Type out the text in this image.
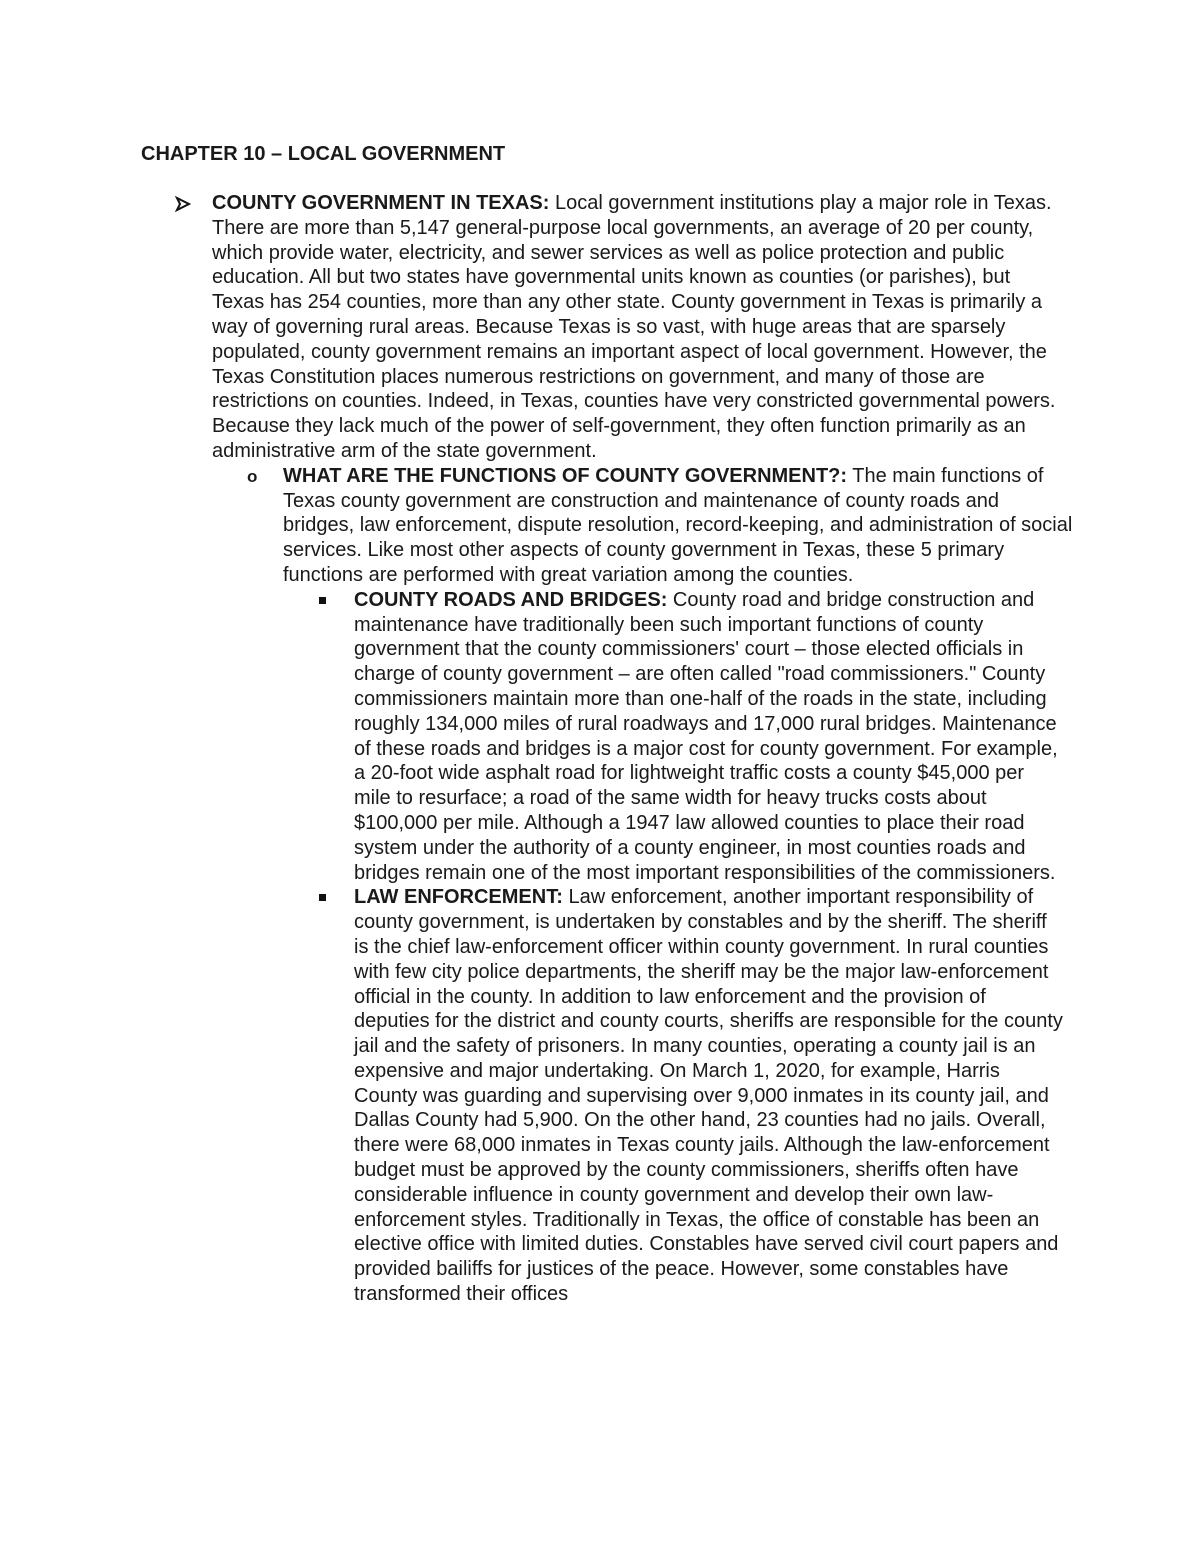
CHAPTER 10 – LOCAL GOVERNMENT

COUNTY GOVERNMENT IN TEXAS: Local government institutions play a major role in Texas. There are more than 5,147 general-purpose local governments, an average of 20 per county, which provide water, electricity, and sewer services as well as police protection and public education. All but two states have governmental units known as counties (or parishes), but Texas has 254 counties, more than any other state. County government in Texas is primarily a way of governing rural areas. Because Texas is so vast, with huge areas that are sparsely populated, county government remains an important aspect of local government. However, the Texas Constitution places numerous restrictions on government, and many of those are restrictions on counties. Indeed, in Texas, counties have very constricted governmental powers. Because they lack much of the power of self-government, they often function primarily as an administrative arm of the state government.

o WHAT ARE THE FUNCTIONS OF COUNTY GOVERNMENT?: The main functions of Texas county government are construction and maintenance of county roads and bridges, law enforcement, dispute resolution, record-keeping, and administration of social services. Like most other aspects of county government in Texas, these 5 primary functions are performed with great variation among the counties.

COUNTY ROADS AND BRIDGES: County road and bridge construction and maintenance have traditionally been such important functions of county government that the county commissioners' court – those elected officials in charge of county government – are often called "road commissioners." County commissioners maintain more than one-half of the roads in the state, including roughly 134,000 miles of rural roadways and 17,000 rural bridges. Maintenance of these roads and bridges is a major cost for county government. For example, a 20-foot wide asphalt road for lightweight traffic costs a county $45,000 per mile to resurface; a road of the same width for heavy trucks costs about $100,000 per mile. Although a 1947 law allowed counties to place their road system under the authority of a county engineer, in most counties roads and bridges remain one of the most important responsibilities of the commissioners.

LAW ENFORCEMENT: Law enforcement, another important responsibility of county government, is undertaken by constables and by the sheriff. The sheriff is the chief law-enforcement officer within county government. In rural counties with few city police departments, the sheriff may be the major law-enforcement official in the county. In addition to law enforcement and the provision of deputies for the district and county courts, sheriffs are responsible for the county jail and the safety of prisoners. In many counties, operating a county jail is an expensive and major undertaking. On March 1, 2020, for example, Harris County was guarding and supervising over 9,000 inmates in its county jail, and Dallas County had 5,900. On the other hand, 23 counties had no jails. Overall, there were 68,000 inmates in Texas county jails. Although the law-enforcement budget must be approved by the county commissioners, sheriffs often have considerable influence in county government and develop their own law-enforcement styles. Traditionally in Texas, the office of constable has been an elective office with limited duties. Constables have served civil court papers and provided bailiffs for justices of the peace. However, some constables have transformed their offices
